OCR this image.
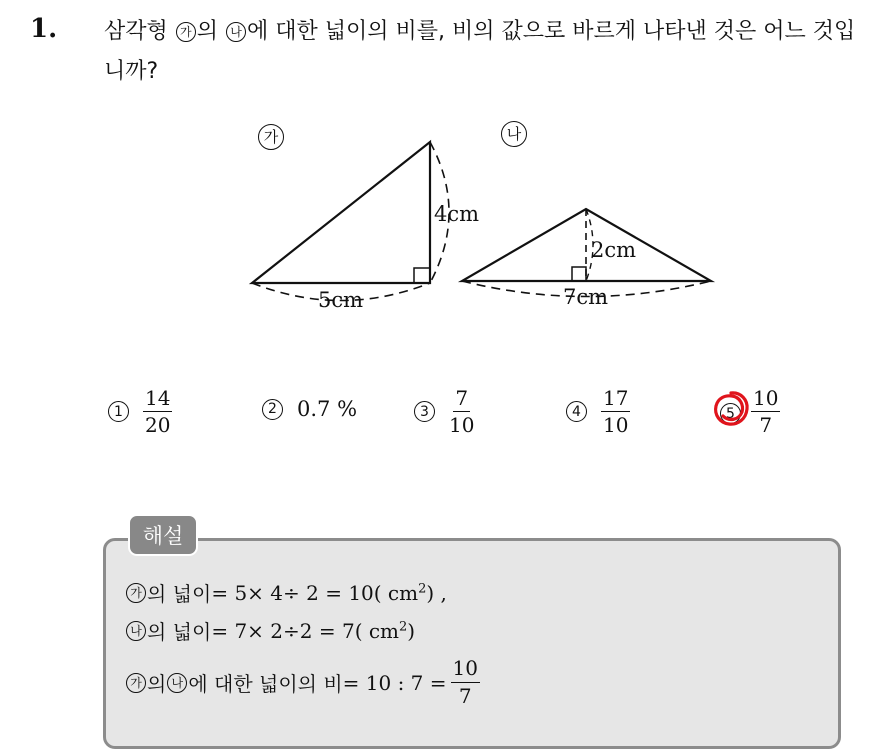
1. 삼각형 가 의 나 에 대한 넓이의 비를, 비의 값으로 바르게 나타낸 것은 어느 것입니까?
가	나
4cm
5cm
2cm
7cm
1	$\frac{14}{20}$	2 0.7 %	3	$\frac{7}{10}$	4	$\frac{17}{10}$	$5 \frac{10}{7}$
해설
가 의 넓이 = 5× 4÷ 2 = 10( $cm^2$) ,
나 의 넓이 = 7× 2÷2 = 7( $cm^2$)
가 의 나 에 대한 넓이의 비 = 10 : $7 = \frac{10}{7}$
